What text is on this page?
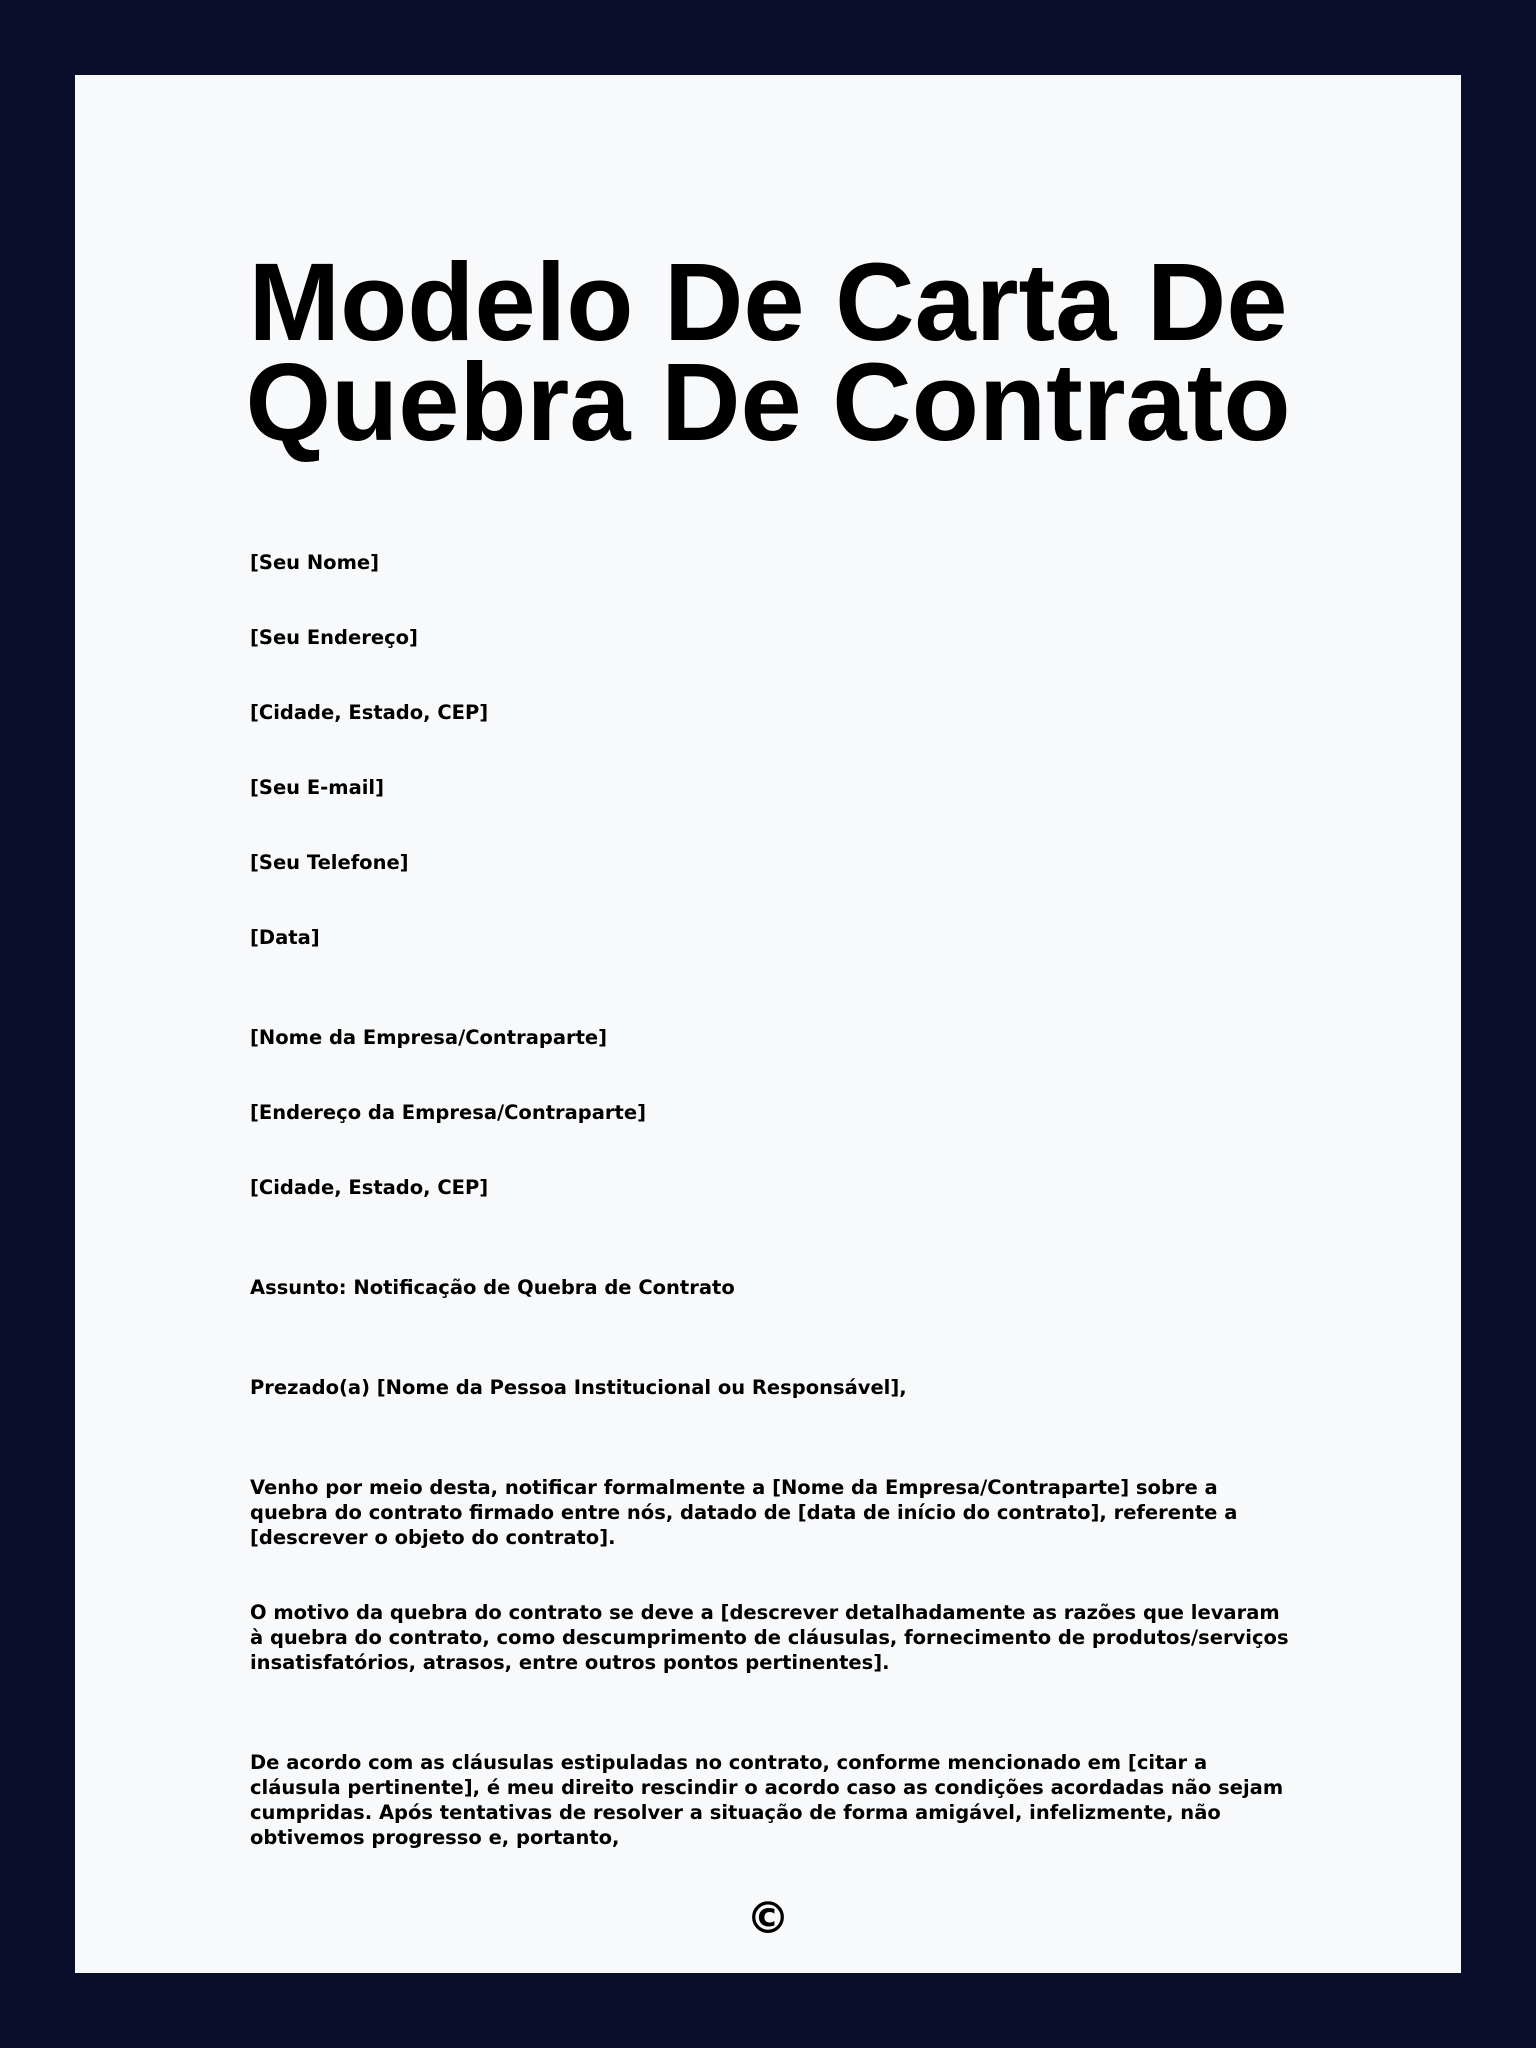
Modelo De Carta De Quebra De Contrato

[Seu Nome]

[Seu Endereço]

[Cidade, Estado, CEP]

[Seu E-mail]

[Seu Telefone]

[Data]

[Nome da Empresa/Contraparte]

[Endereço da Empresa/Contraparte]

[Cidade, Estado, CEP]

Assunto: Notificação de Quebra de Contrato

Prezado(a) [Nome da Pessoa Institucional ou Responsável],

Venho por meio desta, notificar formalmente a [Nome da Empresa/Contraparte] sobre a quebra do contrato firmado entre nós, datado de [data de início do contrato], referente a [descrever o objeto do contrato].

O motivo da quebra do contrato se deve a [descrever detalhadamente as razões que levaram à quebra do contrato, como descumprimento de cláusulas, fornecimento de produtos/serviços insatisfatórios, atrasos, entre outros pontos pertinentes].

De acordo com as cláusulas estipuladas no contrato, conforme mencionado em [citar a cláusula pertinente], é meu direito rescindir o acordo caso as condições acordadas não sejam cumpridas. Após tentativas de resolver a situação de forma amigável, infelizmente, não obtivemos progresso e, portanto,

©
